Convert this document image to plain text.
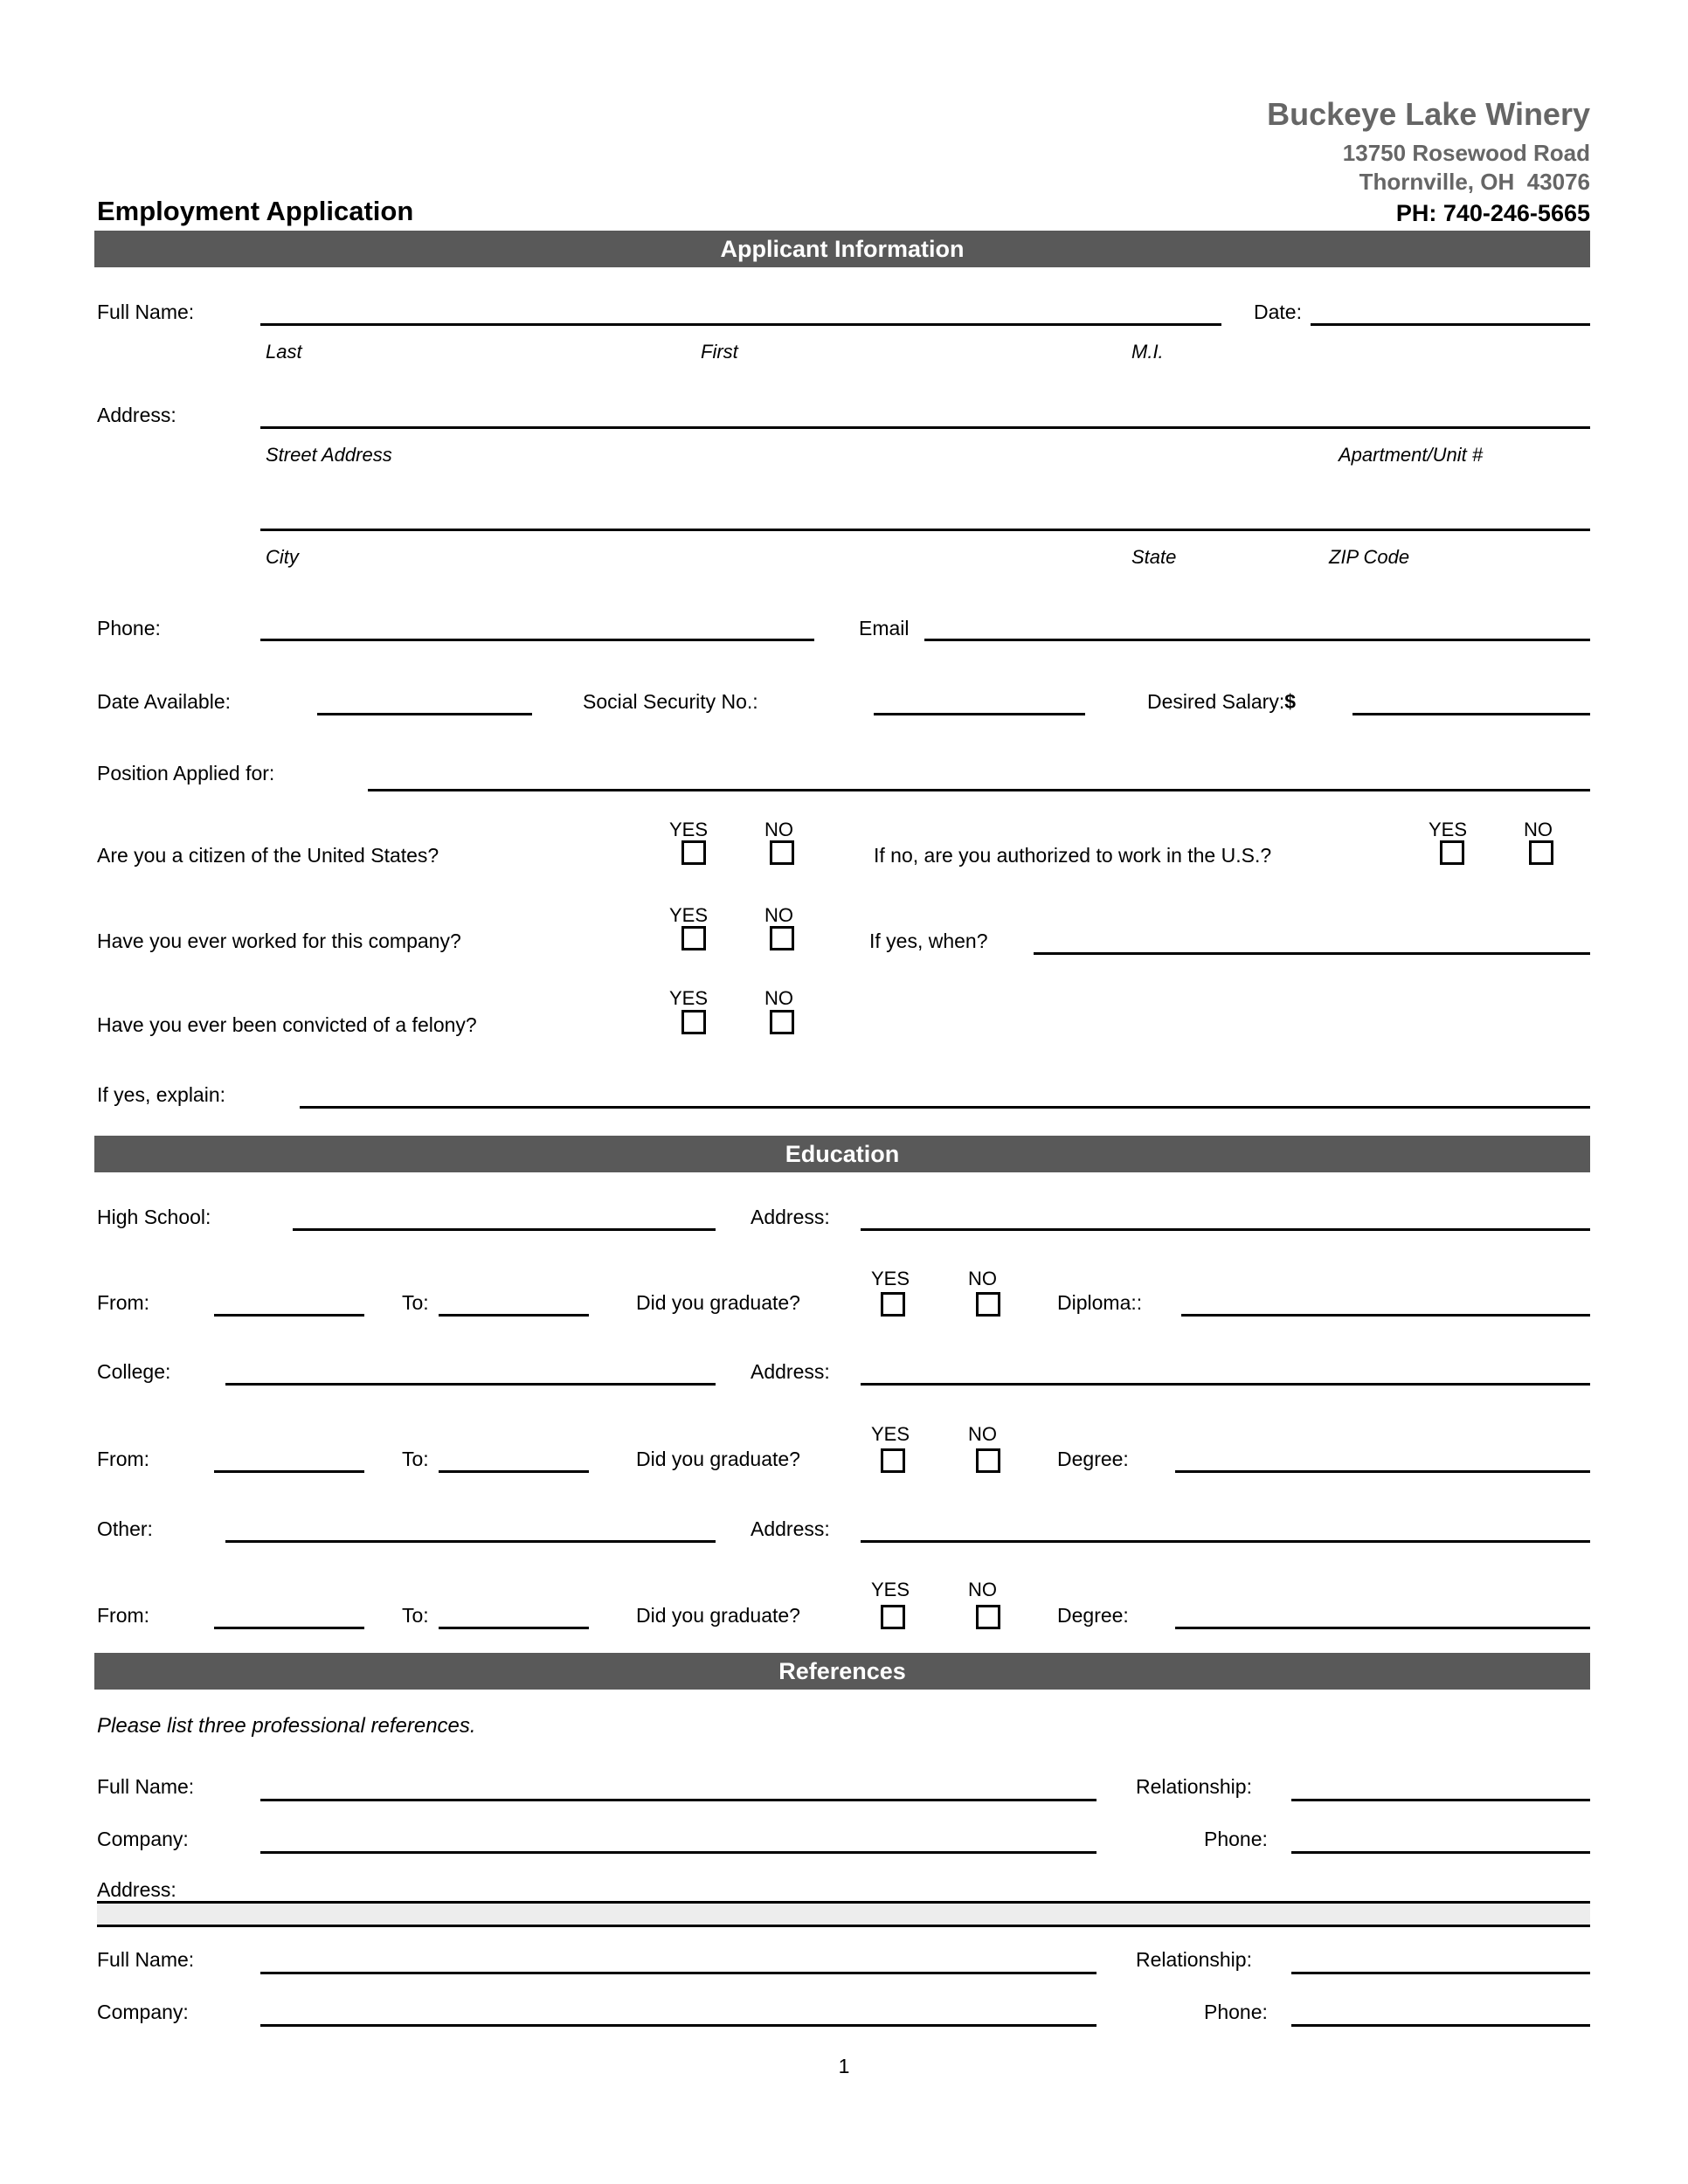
Buckeye Lake Winery
13750 Rosewood Road
Thornville, OH  43076
Employment Application	PH: 740-246-5665
Applicant Information
Full Name:	Date:
Last	First	M.I.
Address:
Street Address	Apartment/Unit #
City	State	ZIP Code
Phone:	Email
Date Available:	Social Security No.:	Desired Salary:$
Position Applied for:
YES	NO	YES	NO
Are you a citizen of the United States?	If no, are you authorized to work in the U.S.?
YES	NO
Have you ever worked for this company?	If yes, when?
YES	NO
Have you ever been convicted of a felony?
If yes, explain:
Education
High School:	Address:
YES	NO
From:	To:	Did you graduate?	Diploma::
College:	Address:
YES	NO
From:	To:	Did you graduate?	Degree:
Other:	Address:
YES	NO
From:	To:	Did you graduate?	Degree:
References
Please list three professional references.
Full Name:	Relationship:
Company:	Phone:
Address:
Full Name:	Relationship:
Company:	Phone:
1
